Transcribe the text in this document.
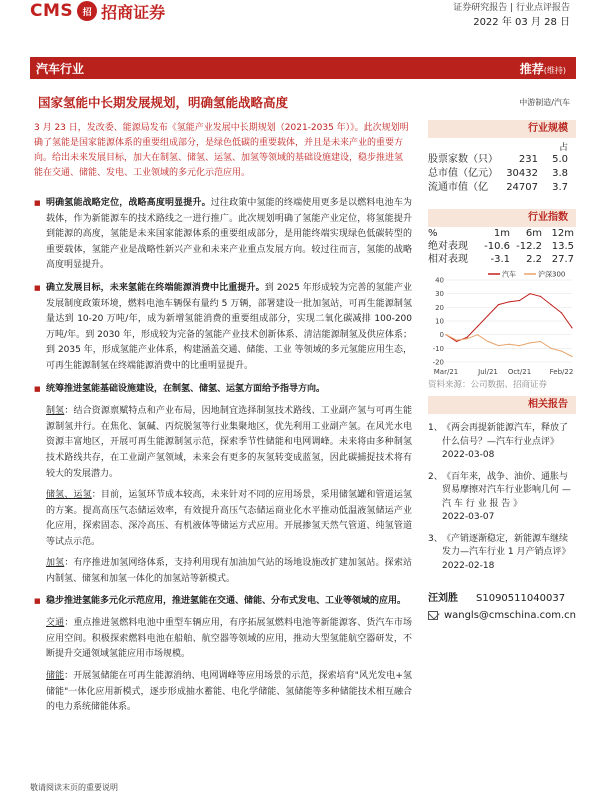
CMS	招 招商证券	证券研究报告 | 行业点评报告
2022 年 03 月 28 日
汽车行业	推荐(维持)
国家氢能中长期发展规划，明确氢能战略高度	中游制造/汽车
3 月 23 日，发改委、能源局发布《氢能产业发展中长期规划（2021-2035 年）》。此次规划明确了氢能是国家能源体系的重要组成部分，是绿色低碳的重要载体，并且是未来产业的重要方向。给出未来发展目标，加大在制氢、储氢、运氢、加氢等领域的基础设施建设，稳步推进氢能在交通、储能、发电、工业领域的多元化示范应用。
■ 明确氢能战略定位，战略高度明显提升。过往政策中氢能的终端使用更多是以燃料电池车为载体，作为新能源车的技术路线之一进行推广。此次规划明确了氢能产业定位，将氢能提升到能源的高度，氢能是未来国家能源体系的重要组成部分，是用能终端实现绿色低碳转型的重要载体，氢能产业是战略性新兴产业和未来产业重点发展方向。较过往而言，氢能的战略高度明显提升。
■ 确立发展目标，未来氢能在终端能源消费中比重提升。到 2025 年形成较为完善的氢能产业发展制度政策环境，燃料电池车辆保有量约 5 万辆，部署建设一批加氢站，可再生能源制氢量达到 10-20 万吨/年，成为新增氢能消费的重要组成部分，实现二氧化碳减排 100-200 万吨/年。到 2030 年，形成较为完备的氢能产业技术创新体系、清洁能源制氢及供应体系；到 2035 年，形成氢能产业体系，构建涵盖交通、储能、工业 等领域的多元氢能应用生态，可再生能源制氢在终端能源消费中的比重明显提升。
■ 统筹推进氢能基础设施建设，在制氢、储氢、运氢方面给予指导方向。
制氢：结合资源禀赋特点和产业布局，因地制宜选择制氢技术路线、工业副产氢与可再生能源制氢并行。在焦化、氯碱、丙烷脱氢等行业集聚地区，优先利用工业副产氢。在风光水电资源丰富地区，开展可再生能源制氢示范，探索季节性储能和电网调峰。未来将由多种制氢技术路线共存，在工业副产氢领域，未来会有更多的灰氢转变成蓝氢，因此碳捕捉技术将有较大的发展潜力。
储氢、运氢：目前，运氢环节成本较高，未来针对不同的应用场景，采用储氢罐和管道运氢的方案。提高高压气态储运效率，有效提升高压气态储运商业化水平推动低温液氢储运产业化应用，探索固态、深冷高压、有机液体等储运方式应用。开展掺氢天然气管道、纯氢管道等试点示范。
加氢：有序推进加氢网络体系，支持利用现有加油加气站的场地设施改扩建加氢站。探索站内制氢、储氢和加氢一体化的加氢站等新模式。
■ 稳步推进氢能多元化示范应用，推进氢能在交通、储能、分布式发电、工业等领域的应用。
交通：重点推进氢燃料电池中重型车辆应用，有序拓展氢燃料电池等新能源客、货汽车市场应用空间。积极探索燃料电池在船舶、航空器等领域的应用，推动大型氢能航空器研发，不断提升交通领域氢能应用市场规模。
储能：开展氢储能在可再生能源消纳、电网调峰等应用场景的示范，探索培育"风光发电+氢储能"一体化应用新模式，逐步形成抽水蓄能、电化学储能、氢储能等多种储能技术相互融合的电力系统储能体系。
行业规模
占
股票家数（只）	231	5.0
总市值（亿元） 30432	3.8
流通市值（亿	24707	3.7
行业指数
%	1m	6m 12m
绝对表现	-10.6 -12.2 13.5
相对表现	-3.1	2.2 27.7
40
30
20
10
0
-10
-20
Mar/21	Jul/21 Oct/21	Feb/22
汽车	沪深300
资料来源：公司数据、招商证券
相关报告
1、 《两会再提新能源汽车，释放了什么信号？—汽车行业点评》
2022-03-08
2、 《百年来，战争、油价、通胀与贸易摩擦对汽车行业影响几何 — 汽 车 行 业 报 告 》
2022-03-07
3、 《产销逐渐稳定，新能源车继续发力—汽车行业 1 月产销点评》
2022-02-18
汪刘胜 S1090511040037
wangls@cmschina.com.cn
敬请阅读末页的重要说明
